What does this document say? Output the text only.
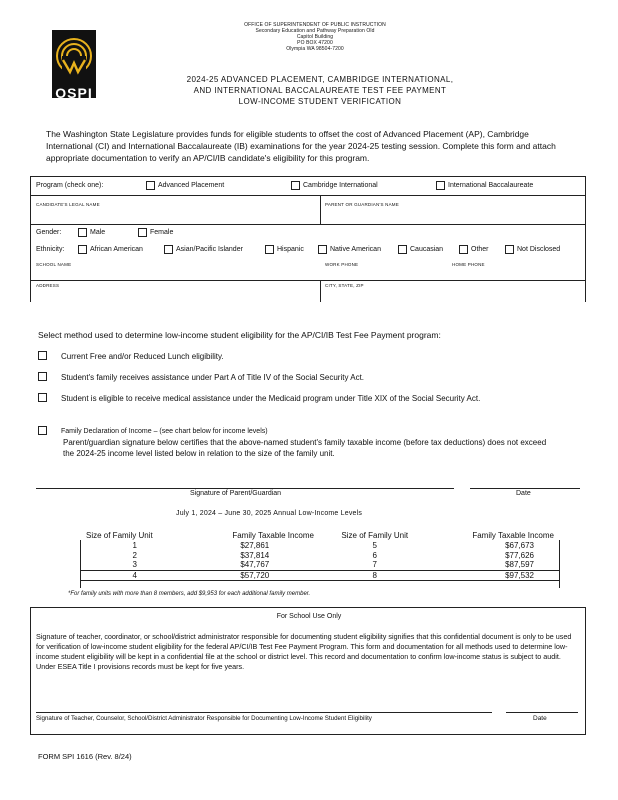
OFFICE OF SUPERINTENDENT OF PUBLIC INSTRUCTION
Secondary Education and Pathway Preparation Old
Capitol Building
PO BOX 47200
Olympia WA 98504-7200
OSPI
2024-25 ADVANCED PLACEMENT, CAMBRIDGE INTERNATIONAL,
AND INTERNATIONAL BACCALAUREATE TEST FEE PAYMENT
LOW-INCOME STUDENT VERIFICATION
The Washington State Legislature provides funds for eligible students to offset the cost of Advanced Placement (AP), Cambridge International (CI) and International Baccalaureate (IB) examinations for the year 2024-25 testing session. Complete this form and attach appropriate documentation to verify an AP/CI/IB candidate's eligibility for this program.
Program (check one):	Advanced Placement	Cambridge International	International Baccalaureate
CANDIDATE'S LEGAL NAME	PARENT OR GUARDIAN'S NAME
Gender:	Male	Female
Ethnicity:	African American	Asian/Pacific Islander	Hispanic	Native American	Caucasian	Other	Not Disclosed
SCHOOL NAME	WORK PHONE	HOME PHONE
ADDRESS	CITY, STATE, ZIP
Select method used to determine low-income student eligibility for the AP/CI/IB Test Fee Payment program:
Current Free and/or Reduced Lunch eligibility.
Student's family receives assistance under Part A of Title IV of the Social Security Act.
Student is eligible to receive medical assistance under the Medicaid program under Title XIX of the Social Security Act.
Family Declaration of Income – (see chart below for income levels)
Parent/guardian signature below certifies that the above-named student's family taxable income (before tax deductions) does not exceed the 2024-25 income level listed below in relation to the size of the family unit.
Signature of Parent/Guardian	Date
July 1, 2024 – June 30, 2025 Annual Low-Income Levels
Size of Family Unit	Family Taxable Income	Size of Family Unit	Family Taxable Income
1	$27,861	5	$67,673
2	$37,814	6	$77,626
3	$47,767	7	$87,597
4	$57,720	8	$97,532
*For family units with more than 8 members, add $9,953 for each additional family member.
For School Use Only
Signature of teacher, coordinator, or school/district administrator responsible for documenting student eligibility signifies that this confidential document is only to be used for verification of low-income student eligibility for the federal AP/CI/IB Test Fee Payment Program. This form and documentation for all methods used to determine low-income student eligibility will be kept in a confidential file at the school or district level. This record and documentation to confirm low-income status is subject to audit. Under ESEA Title I provisions records must be kept for five years.
Signature of Teacher, Counselor, School/District Administrator Responsible for Documenting Low-Income Student Eligibility	Date
FORM SPI 1616 (Rev. 8/24)
